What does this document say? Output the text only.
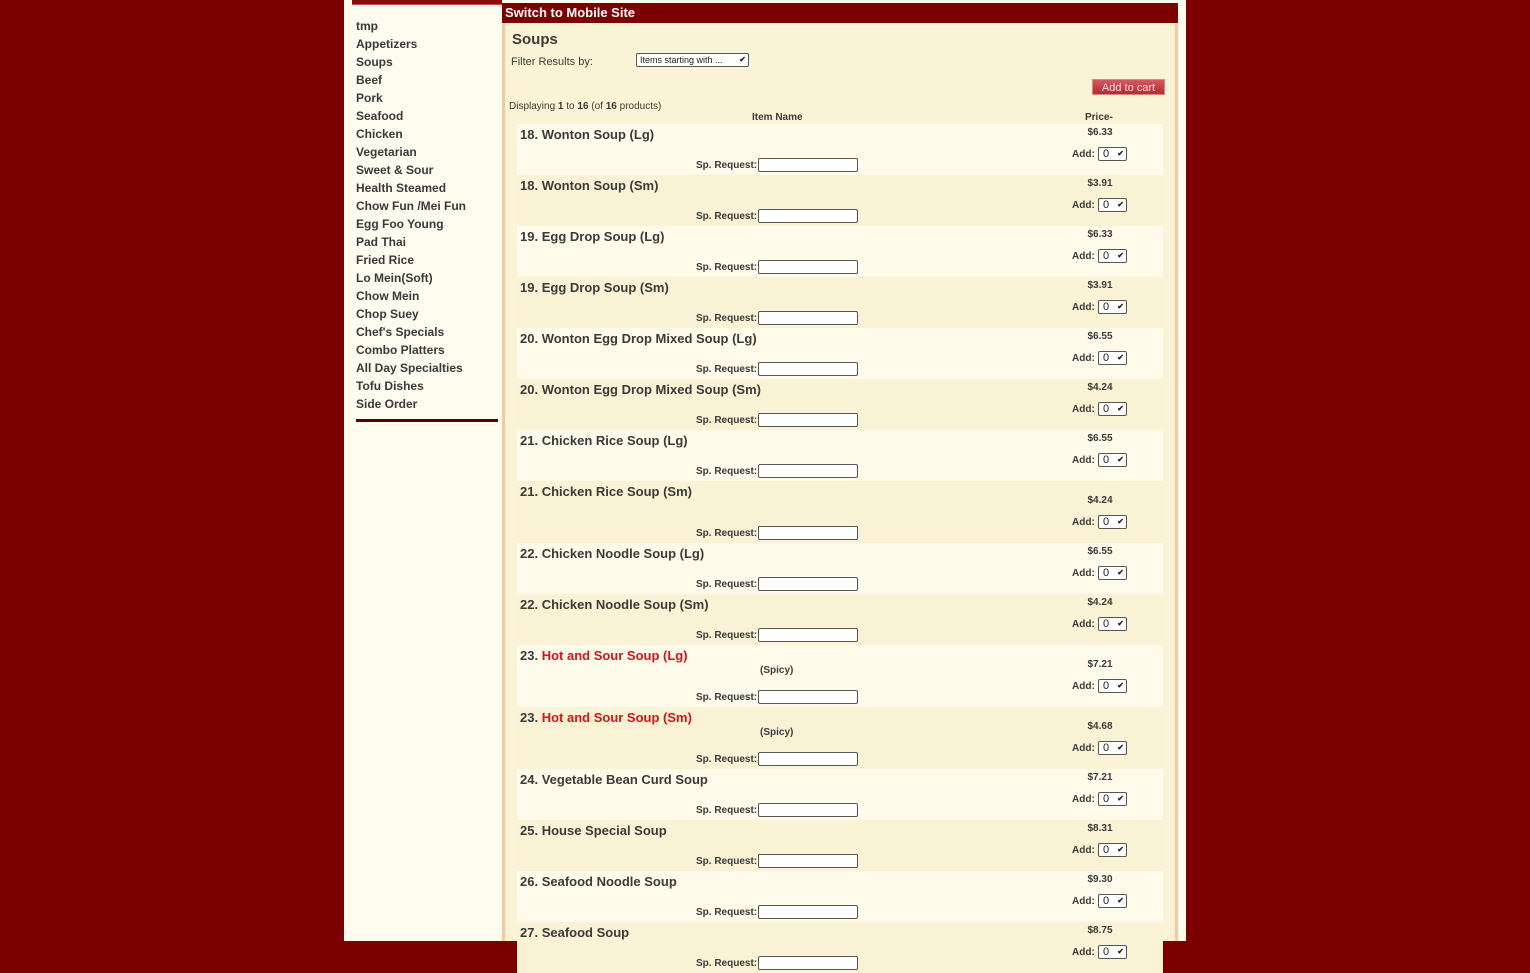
tmp
Appetizers
Soups
Beef
Pork
Seafood
Chicken
Vegetarian
Sweet & Sour
Health Steamed
Chow Fun /Mei Fun
Egg Foo Young
Pad Thai
Fried Rice
Lo Mein(Soft)
Chow Mein
Chop Suey
Chef's Specials
Combo Platters
All Day Specialties
Tofu Dishes
Side Order
Switch to Mobile Site
Soups
Filter Results by:	Items starting with ... ✔
Add to cart
Displaying 1 to 16 (of 16 products)
Item Name	Price-
18. Wonton Soup (Lg)
Sp. Request:
$6.33
Add: 0 ✔
18. Wonton Soup (Sm)
Sp. Request:
$3.91
Add: 0 ✔
19. Egg Drop Soup (Lg)
Sp. Request:
$6.33
Add: 0 ✔
19. Egg Drop Soup (Sm)
Sp. Request:
$3.91
Add: 0 ✔
20. Wonton Egg Drop Mixed Soup (Lg)
Sp. Request:
$6.55
Add: 0 ✔
20. Wonton Egg Drop Mixed Soup (Sm)
Sp. Request:
$4.24
Add: 0 ✔
21. Chicken Rice Soup (Lg)
Sp. Request:
$6.55
Add: 0 ✔
21. Chicken Rice Soup (Sm)
Sp. Request:
$4.24
Add: 0 ✔
22. Chicken Noodle Soup (Lg)
Sp. Request:
$6.55
Add: 0 ✔
22. Chicken Noodle Soup (Sm)
Sp. Request:
$4.24
Add: 0 ✔
23. Hot and Sour Soup (Lg)
(Spicy)
Sp. Request:
$7.21
Add: 0 ✔
23. Hot and Sour Soup (Sm)
(Spicy)
Sp. Request:
$4.68
Add: 0 ✔
24. Vegetable Bean Curd Soup
Sp. Request:
$7.21
Add: 0 ✔
25. House Special Soup
Sp. Request:
$8.31
Add: 0 ✔
26. Seafood Noodle Soup
Sp. Request:
$9.30
Add: 0 ✔
27. Seafood Soup
Sp. Request:
$8.75
Add: 0 ✔
